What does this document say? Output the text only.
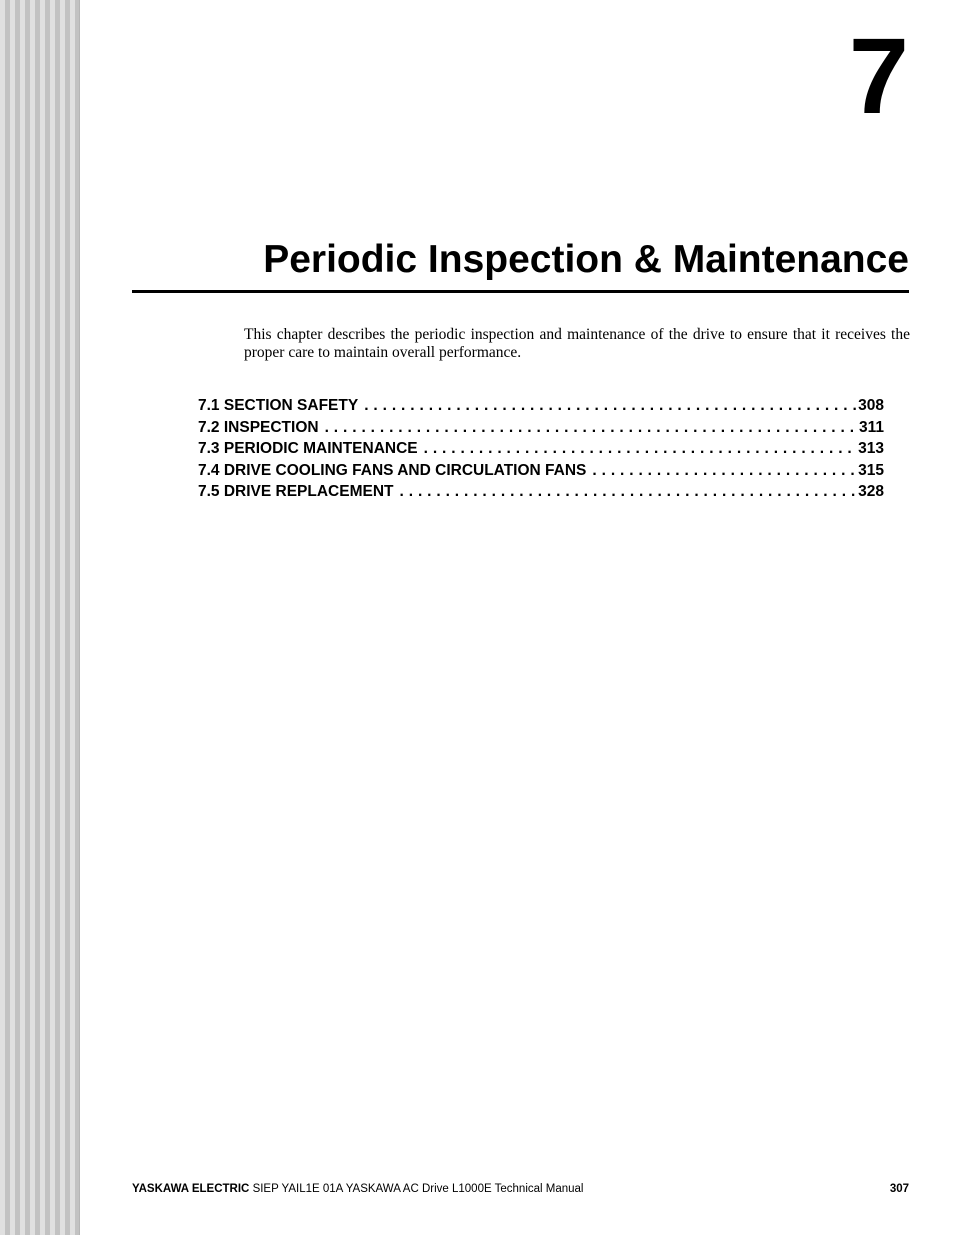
7
Periodic Inspection & Maintenance

This chapter describes the periodic inspection and maintenance of the drive to ensure that it receives the proper care to maintain overall performance.

7.1 SECTION SAFETY . . .	308
7.2 INSPECTION . . .	311
7.3 PERIODIC MAINTENANCE . . .	313
7.4 DRIVE COOLING FANS AND CIRCULATION FANS . . .	315
7.5 DRIVE REPLACEMENT . . .	328
YASKAWA ELECTRIC SIEP YAIL1E 01A YASKAWA AC Drive L1000E Technical Manual	307
